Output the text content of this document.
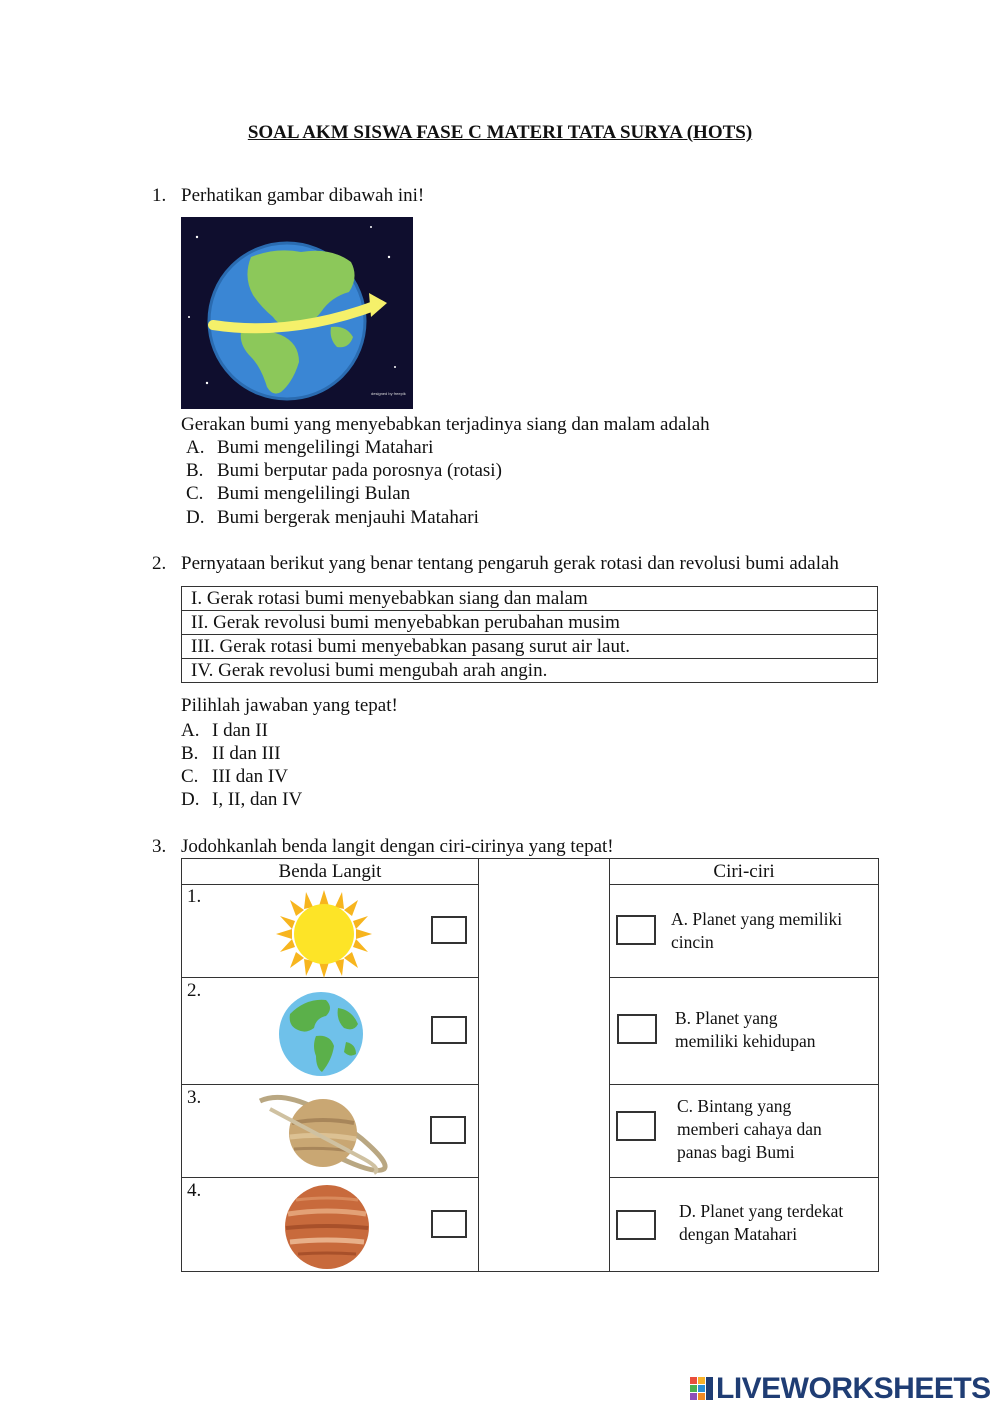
SOAL AKM SISWA FASE C MATERI TATA SURYA (HOTS)
1. Perhatikan gambar dibawah ini!
designed by freepik
Gerakan bumi yang menyebabkan terjadinya siang dan malam adalah
A. Bumi mengelilingi Matahari
B. Bumi berputar pada porosnya (rotasi)
C. Bumi mengelilingi Bulan
D. Bumi bergerak menjauhi Matahari
2. Pernyataan berikut yang benar tentang pengaruh gerak rotasi dan revolusi bumi adalah
I. Gerak rotasi bumi menyebabkan siang dan malam
II. Gerak revolusi bumi menyebabkan perubahan musim
III. Gerak rotasi bumi menyebabkan pasang surut air laut.
IV. Gerak revolusi bumi mengubah arah angin.
Pilihlah jawaban yang tepat!
A. I dan II
B. II dan III
C. III dan IV
D. I, II, dan IV
3. Jodohkanlah benda langit dengan ciri-cirinya yang tepat!
Benda Langit
1.
2.
3.
4.
Ciri-ciri
A. Planet yang memiliki
cincin
B. Planet yang
memiliki kehidupan
C. Bintang yang
memberi cahaya dan
panas bagi Bumi
D. Planet yang terdekat
dengan Matahari
LIVEWORKSHEETS
